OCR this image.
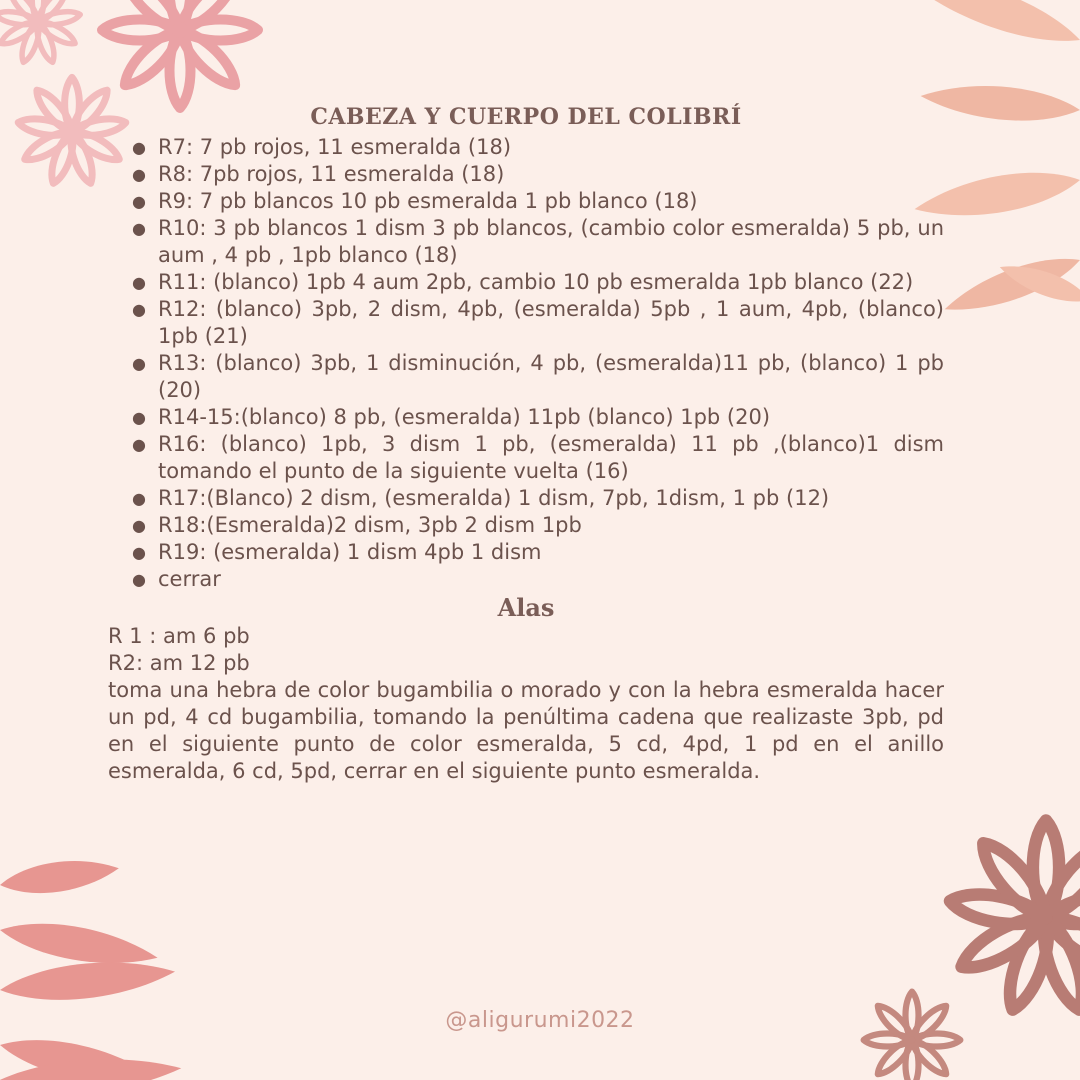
CABEZA Y CUERPO DEL COLIBRÍ
● R7: 7 pb rojos, 11 esmeralda (18)
● R8: 7pb rojos, 11 esmeralda (18)
● R9: 7 pb blancos 10 pb esmeralda 1 pb blanco (18)
● R10: 3 pb blancos 1 dism 3 pb blancos, (cambio color esmeralda) 5 pb, un aum , 4 pb , 1pb blanco (18)
● R11: (blanco) 1pb 4 aum 2pb, cambio 10 pb esmeralda 1pb blanco (22)
● R12: (blanco) 3pb, 2 dism, 4pb, (esmeralda) 5pb , 1 aum, 4pb, (blanco) 1pb (21)
● R13: (blanco) 3pb, 1 disminución, 4 pb, (esmeralda)11 pb, (blanco) 1 pb (20)
● R14-15:(blanco) 8 pb, (esmeralda) 11pb (blanco) 1pb (20)
● R16: (blanco) 1pb, 3 dism 1 pb, (esmeralda) 11 pb ,(blanco)1 dism tomando el punto de la siguiente vuelta (16)
● R17:(Blanco) 2 dism, (esmeralda) 1 dism, 7pb, 1dism, 1 pb (12)
● R18:(Esmeralda)2 dism, 3pb 2 dism 1pb
● R19: (esmeralda) 1 dism 4pb 1 dism
● cerrar
Alas

R 1 : am 6 pb

R2: am 12 pb

toma una hebra de color bugambilia o morado y con la hebra esmeralda hacer un pd, 4 cd bugambilia, tomando la penúltima cadena que realizaste 3pb, pd en el siguiente punto de color esmeralda, 5 cd, 4pd, 1 pd en el anillo esmeralda, 6 cd, 5pd, cerrar en el siguiente punto esmeralda.

@aligurumi2022
